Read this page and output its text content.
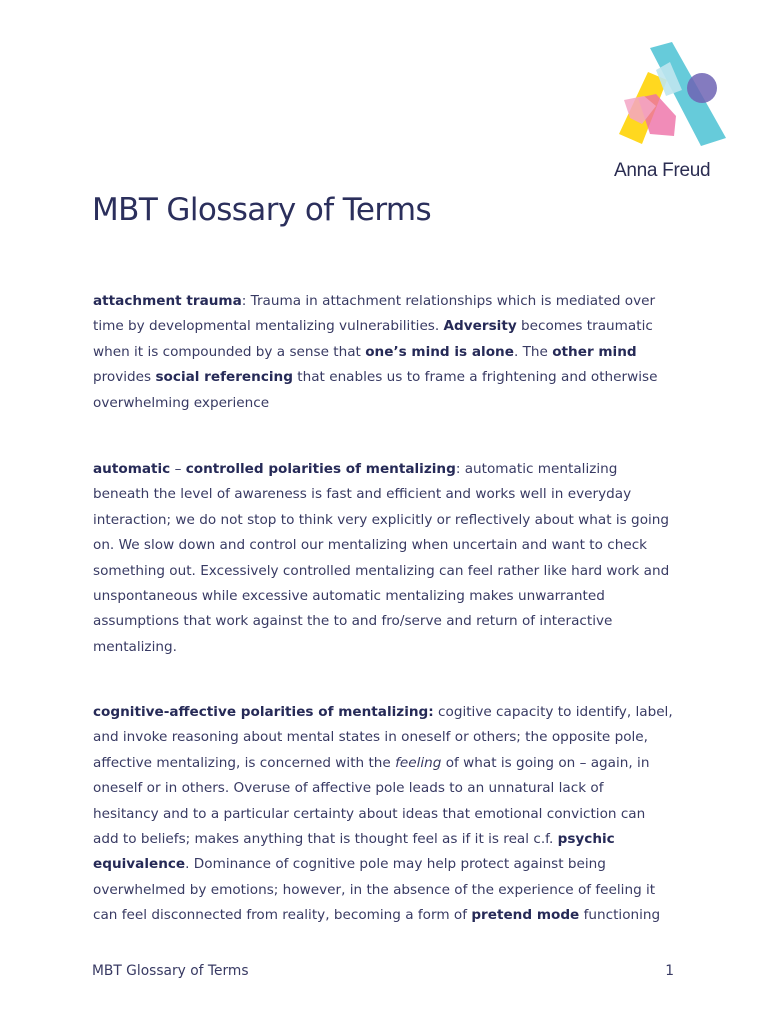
Anna Freud
MBT Glossary of Terms

attachment trauma: Trauma in attachment relationships which is mediated over time by developmental mentalizing vulnerabilities. Adversity becomes traumatic when it is compounded by a sense that one’s mind is alone. The other mind provides social referencing that enables us to frame a frightening and otherwise overwhelming experience

automatic – controlled polarities of mentalizing: automatic mentalizing beneath the level of awareness is fast and efficient and works well in everyday interaction; we do not stop to think very explicitly or reflectively about what is going on. We slow down and control our mentalizing when uncertain and want to check something out. Excessively controlled mentalizing can feel rather like hard work and unspontaneous while excessive automatic mentalizing makes unwarranted assumptions that work against the to and fro/serve and return of interactive mentalizing.

cognitive-affective polarities of mentalizing: cogitive capacity to identify, label, and invoke reasoning about mental states in oneself or others; the opposite pole, affective mentalizing, is concerned with the feeling of what is going on – again, in oneself or in others. Overuse of affective pole leads to an unnatural lack of hesitancy and to a particular certainty about ideas that emotional conviction can add to beliefs; makes anything that is thought feel as if it is real c.f. psychic equivalence. Dominance of cognitive pole may help protect against being overwhelmed by emotions; however, in the absence of the experience of feeling it can feel disconnected from reality, becoming a form of pretend mode functioning

MBT Glossary of Terms	1
